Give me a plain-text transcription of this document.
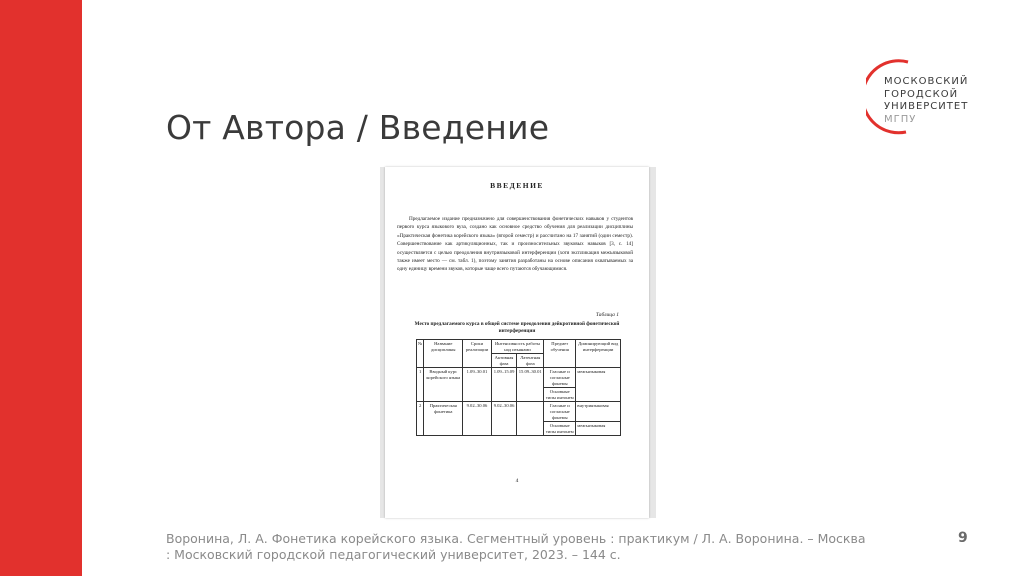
От Автора / Введение
МОСКОВСКИЙ
ГОРОДСКОЙ
УНИВЕРСИТЕТ
МГПУ
ВВЕДЕНИЕ
Предлагаемое издание предназначено для совершенствования фонетических навыков у студентов первого курса языкового вуза, создано как основное средство обучения для реализации дисциплины «Практическая фонетика корейского языка» (второй семестр) и рассчитано на 17 занятий (один семестр). Совершенствование как артикуляционных, так и произносительных звуковых навыков [3, с. 14] осуществляется с целью преодоления внутриязыковой интерференции (хотя экспликация межъязыковой также имеет место — см. табл. 1), поэтому занятия разработаны на основе описания охватываемых за одну единицу времени звуков, которые чаще всего путаются обучающимися.
Таблица 1
Место предлагаемого курса в общей системе преодоления дейкротивной фонетической интерференции
№	Название дисциплины	Сроки реализации	Интенсивность работы над изъянами		Предмет обучения	Доминирующий вид интерференции
			Активная фаза	Латентная фаза		
1	Вводный курс корейского языка	1.09–30.01	1.09–15.09	15.09–30.01	Гласные и согласные фонемы	межъязыковая
					Основные типы интонем	
2	Практическая фонетика	9.02–30.06	9.02–30.06		Гласные и согласные фонемы	внутриязыковая
					Основные типы интонем	межъязыковая
4
Воронина, Л. А. Фонетика корейского языка. Сегментный уровень : практикум / Л. А. Воронина. – Москва : Московский городской педагогический университет, 2023. – 144 с.
9
